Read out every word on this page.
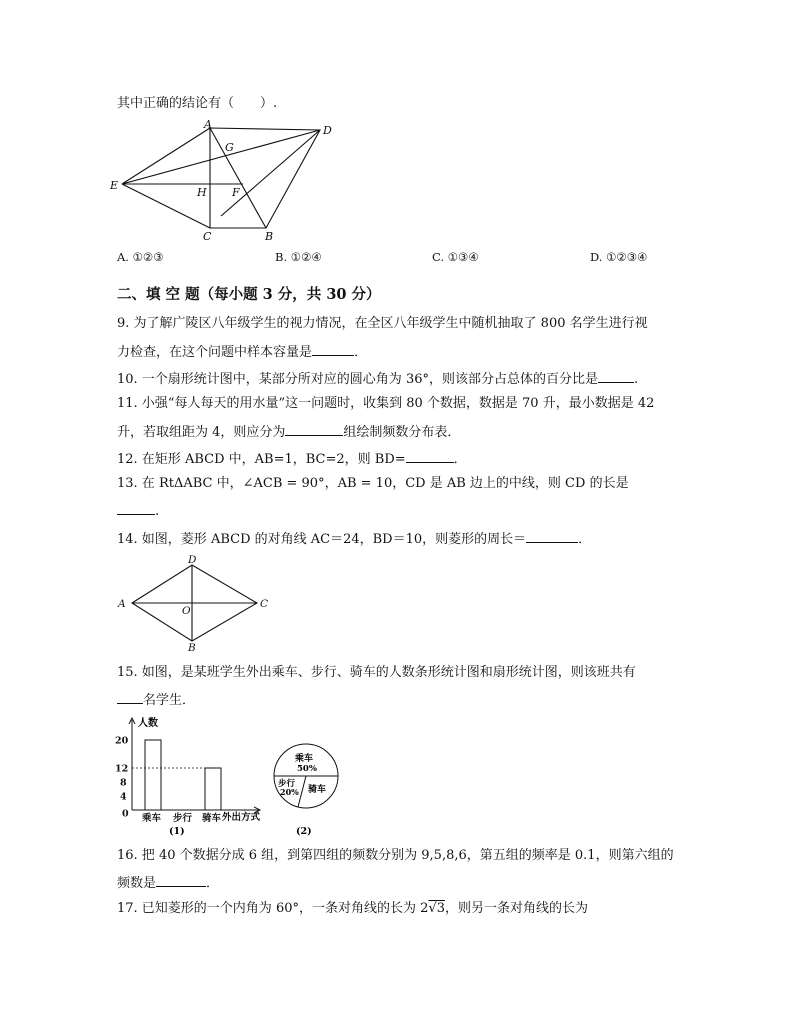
其中正确的结论有（　　）.
A	D
G
E
H F
C	B
A. ①②③	B. ①②④	C. ①③④	D. ①②③④
二、填 空 题（每小题 3 分，共 30 分）
9. 为了解广陵区八年级学生的视力情况，在全区八年级学生中随机抽取了 800 名学生进行视
力检查，在这个问题中样本容量是	．
10. 一个扇形统计图中，某部分所对应的圆心角为 36°，则该部分占总体的百分比是	.
11. 小强“每人每天的用水量”这一问题时，收集到 80 个数据，数据是 70 升，最小数据是 42
升，若取组距为 4，则应分为	组绘制频数分布表．
12. 在矩形 ABCD 中，AB=1，BC=2，则 BD=	．
13. 在 RtΔABC 中，∠ACB = 90°，AB = 10，CD 是 AB 边上的中线，则 CD 的长是
.
14. 如图，菱形 ABCD 的对角线 AC＝24，BD＝10，则菱形的周长＝	．
A
D
C
B
O
15. 如图，是某班学生外出乘车、步行、骑车的人数条形统计图和扇形统计图，则该班共有
名学生．
人数
外出方式
0
4
8
12
20
乘车 步行 骑车
(1)
乘车
50%
步行
20% 骑车
(2)
16. 把 40 个数据分成 6 组，到第四组的频数分别为 9,5,8,6，第五组的频率是 0.1，则第六组的
频数是	．
17. 已知菱形的一个内角为 60°，一条对角线的长为 2√3，则另一条对角线的长为
